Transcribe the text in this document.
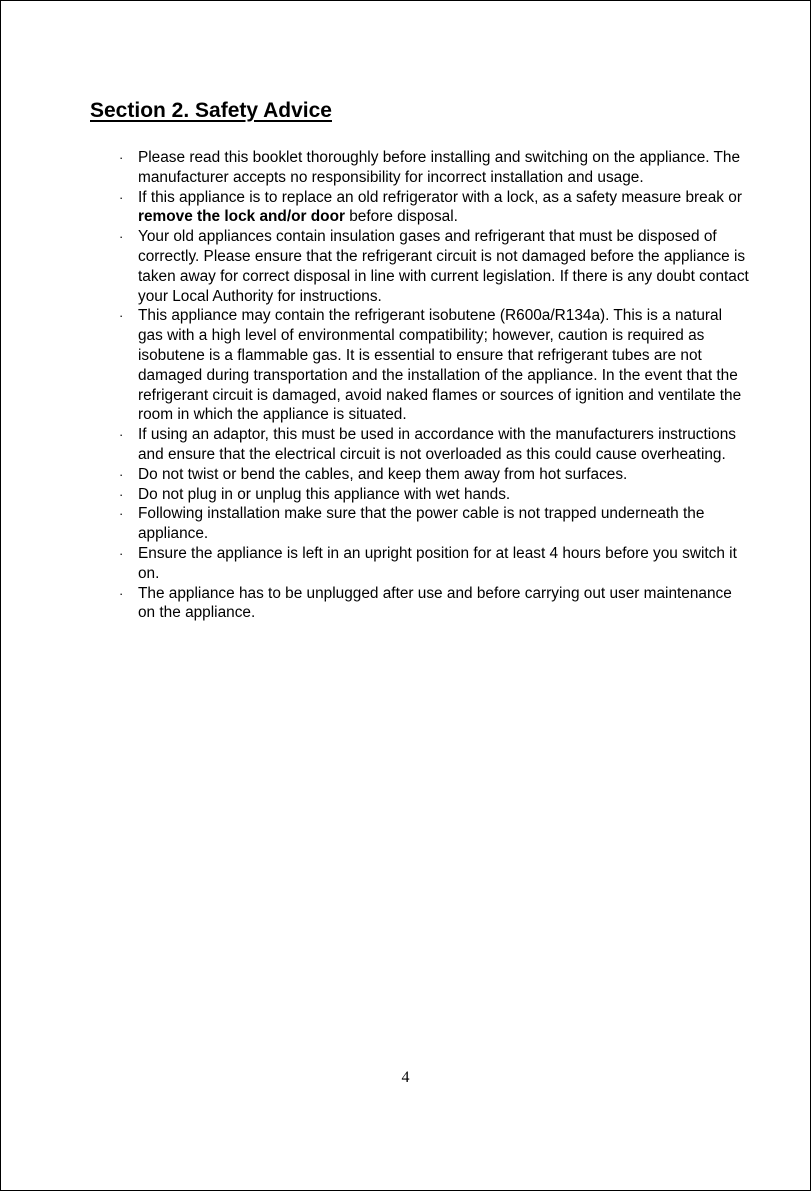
Section 2. Safety Advice
· Please read this booklet thoroughly before installing and switching on the appliance. The manufacturer accepts no responsibility for incorrect installation and usage.
· If this appliance is to replace an old refrigerator with a lock, as a safety measure break or remove the lock and/or door before disposal.
· Your old appliances contain insulation gases and refrigerant that must be disposed of correctly. Please ensure that the refrigerant circuit is not damaged before the appliance is taken away for correct disposal in line with current legislation. If there is any doubt contact your Local Authority for instructions.
· This appliance may contain the refrigerant isobutene (R600a/R134a). This is a natural gas with a high level of environmental compatibility; however, caution is required as isobutene is a flammable gas. It is essential to ensure that refrigerant tubes are not damaged during transportation and the installation of the appliance. In the event that the refrigerant circuit is damaged, avoid naked flames or sources of ignition and ventilate the room in which the appliance is situated.
· If using an adaptor, this must be used in accordance with the manufacturers instructions and ensure that the electrical circuit is not overloaded as this could cause overheating.
· Do not twist or bend the cables, and keep them away from hot surfaces.
· Do not plug in or unplug this appliance with wet hands.
· Following installation make sure that the power cable is not trapped underneath the appliance.
· Ensure the appliance is left in an upright position for at least 4 hours before you switch it on.
· The appliance has to be unplugged after use and before carrying out user maintenance on the appliance.
4
